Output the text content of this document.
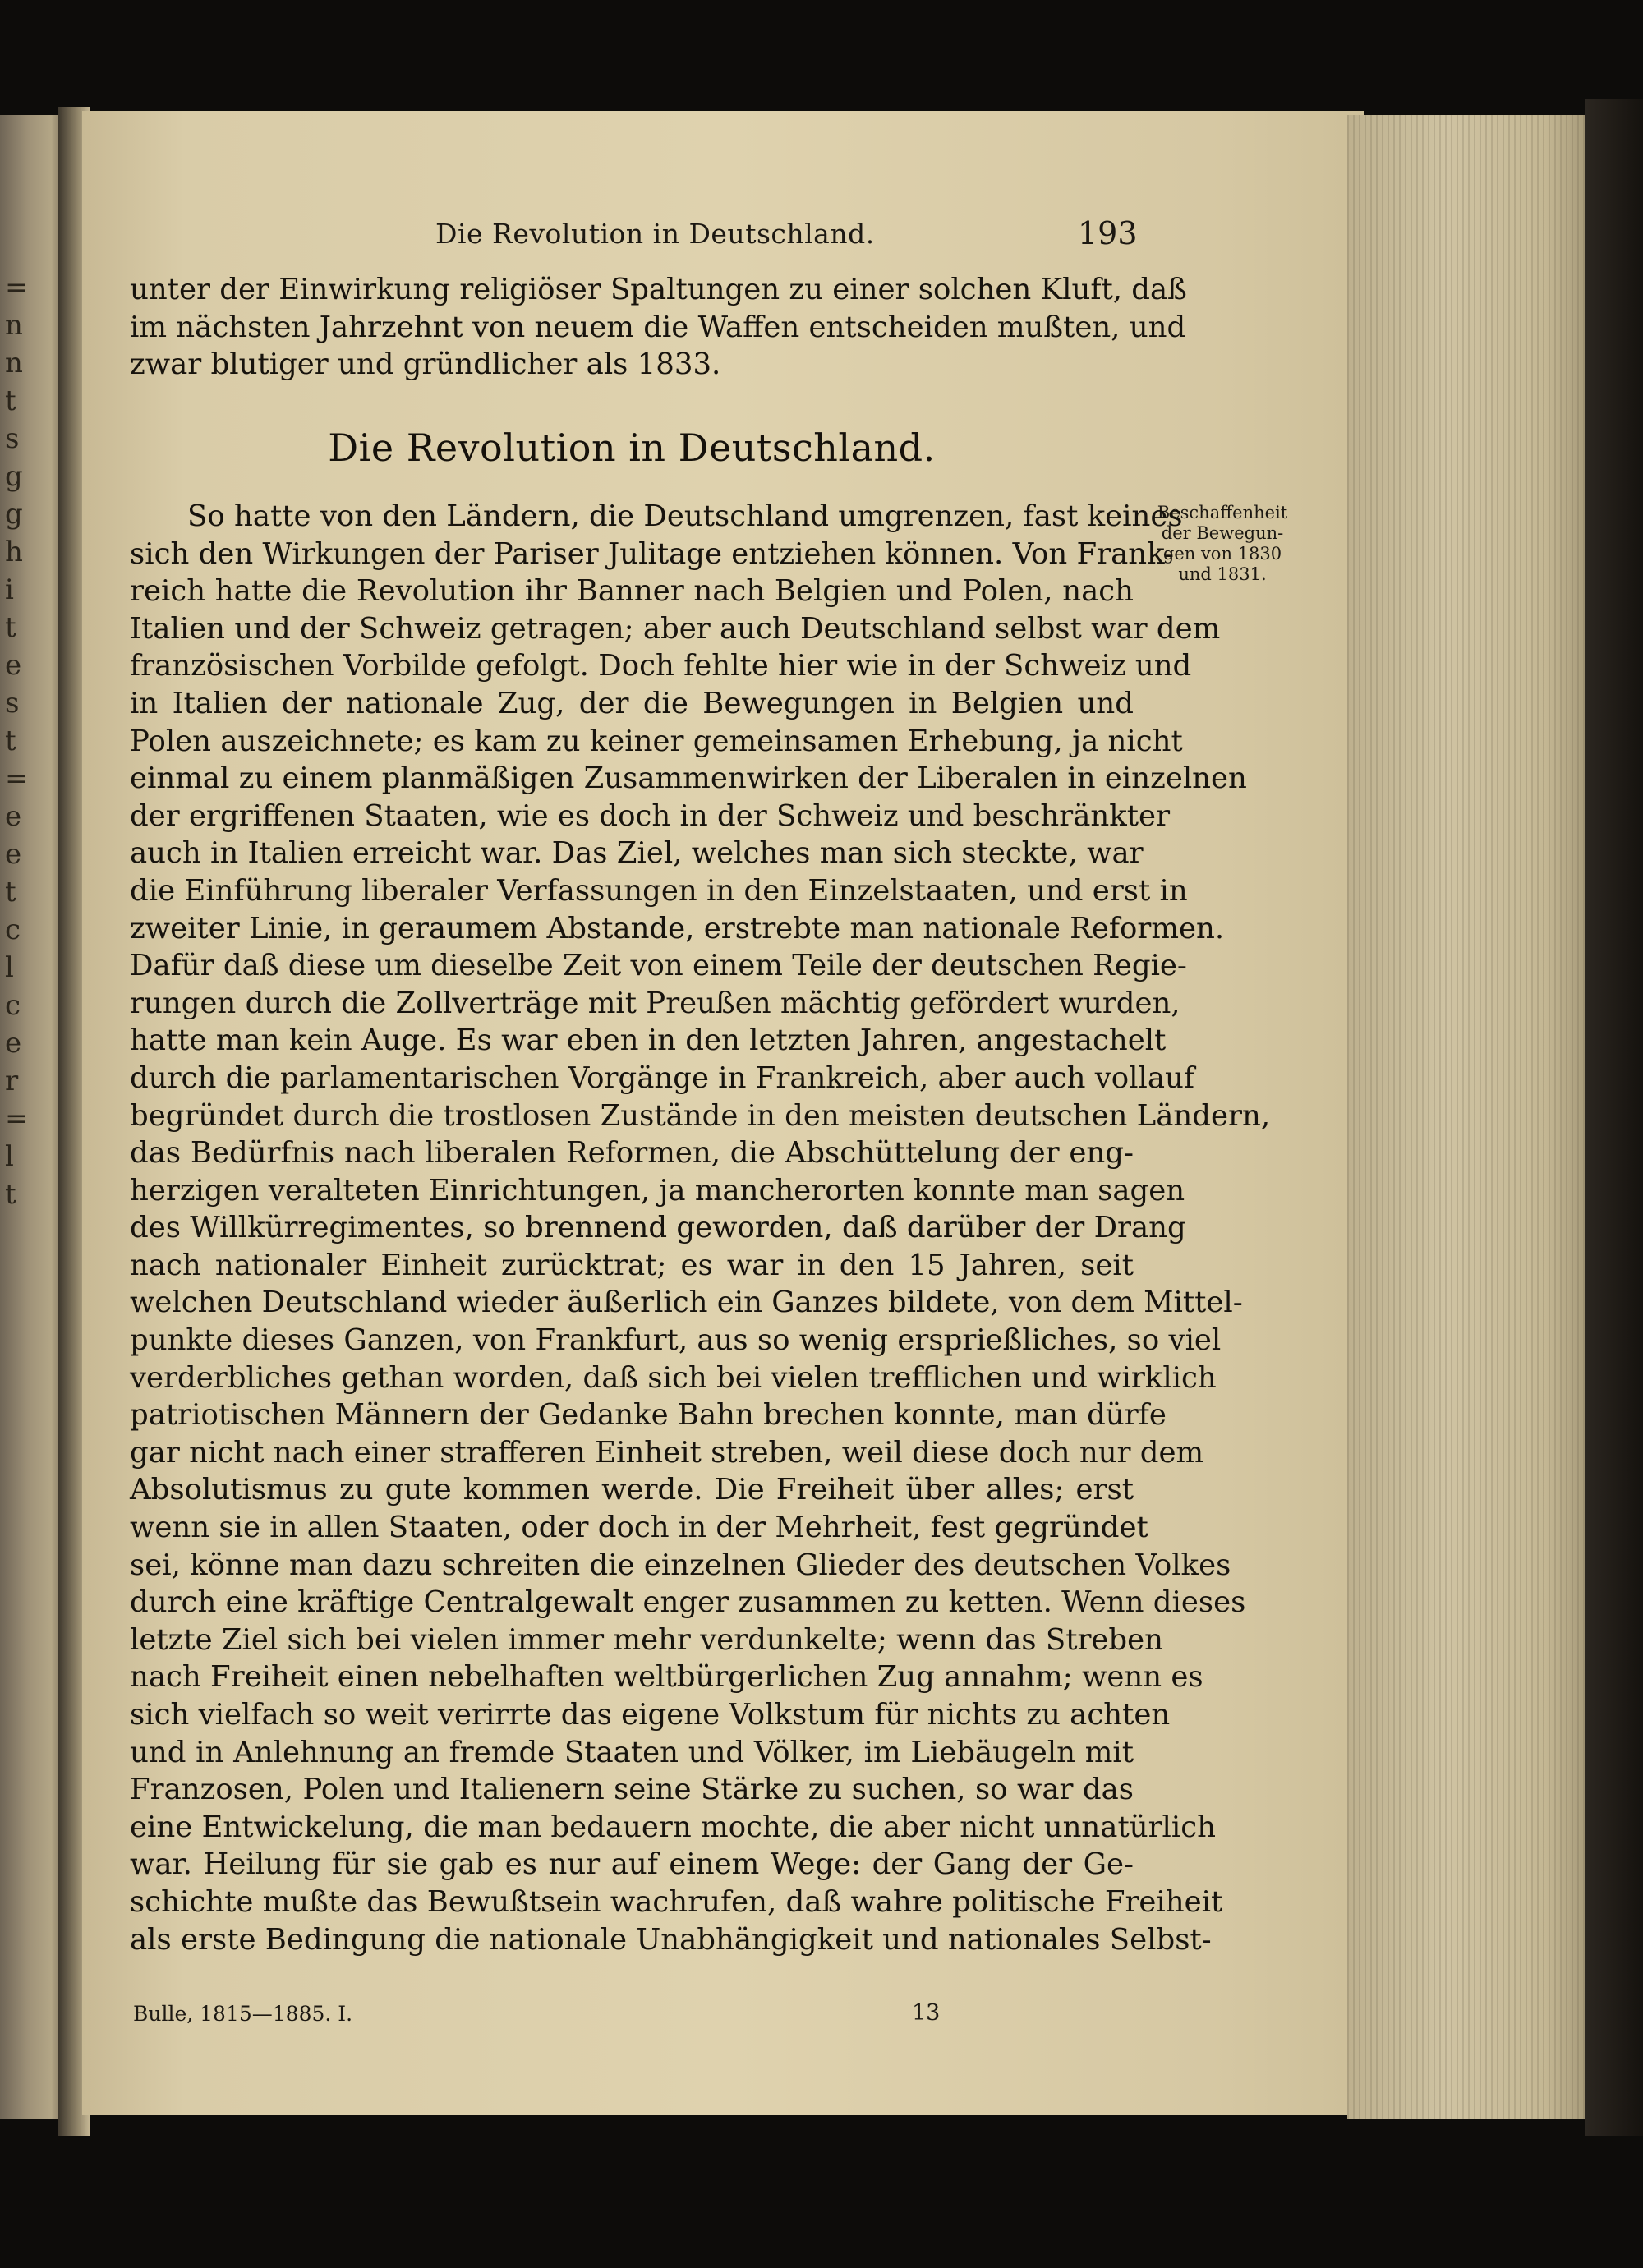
=
n
n
t
s
g
g
h
i
t
e
s
t
=
e
e
t
c
l
c
e
r
=
l
t
Die Revolution in Deutschland.	193
unter der Einwirkung religiöser Spaltungen zu einer solchen Kluft, daß
im nächsten Jahrzehnt von neuem die Waffen entscheiden mußten, und
zwar blutiger und gründlicher als 1833.
Die Revolution in Deutschland.
Beschaffenheit
der Bewegun-
gen von 1830
und 1831.
So hatte von den Ländern, die Deutschland umgrenzen, fast keines
sich den Wirkungen der Pariser Julitage entziehen können. Von Frank-
reich hatte die Revolution ihr Banner nach Belgien und Polen, nach
Italien und der Schweiz getragen; aber auch Deutschland selbst war dem
französischen Vorbilde gefolgt. Doch fehlte hier wie in der Schweiz und
in Italien der nationale Zug, der die Bewegungen in Belgien und
Polen auszeichnete; es kam zu keiner gemeinsamen Erhebung, ja nicht
einmal zu einem planmäßigen Zusammenwirken der Liberalen in einzelnen
der ergriffenen Staaten, wie es doch in der Schweiz und beschränkter
auch in Italien erreicht war. Das Ziel, welches man sich steckte, war
die Einführung liberaler Verfassungen in den Einzelstaaten, und erst in
zweiter Linie, in geraumem Abstande, erstrebte man nationale Reformen.
Dafür daß diese um dieselbe Zeit von einem Teile der deutschen Regie-
rungen durch die Zollverträge mit Preußen mächtig gefördert wurden,
hatte man kein Auge. Es war eben in den letzten Jahren, angestachelt
durch die parlamentarischen Vorgänge in Frankreich, aber auch vollauf
begründet durch die trostlosen Zustände in den meisten deutschen Ländern,
das Bedürfnis nach liberalen Reformen, die Abschüttelung der eng-
herzigen veralteten Einrichtungen, ja mancherorten konnte man sagen
des Willkürregimentes, so brennend geworden, daß darüber der Drang
nach nationaler Einheit zurücktrat; es war in den 15 Jahren, seit
welchen Deutschland wieder äußerlich ein Ganzes bildete, von dem Mittel-
punkte dieses Ganzen, von Frankfurt, aus so wenig ersprießliches, so viel
verderbliches gethan worden, daß sich bei vielen trefflichen und wirklich
patriotischen Männern der Gedanke Bahn brechen konnte, man dürfe
gar nicht nach einer strafferen Einheit streben, weil diese doch nur dem
Absolutismus zu gute kommen werde. Die Freiheit über alles; erst
wenn sie in allen Staaten, oder doch in der Mehrheit, fest gegründet
sei, könne man dazu schreiten die einzelnen Glieder des deutschen Volkes
durch eine kräftige Centralgewalt enger zusammen zu ketten. Wenn dieses
letzte Ziel sich bei vielen immer mehr verdunkelte; wenn das Streben
nach Freiheit einen nebelhaften weltbürgerlichen Zug annahm; wenn es
sich vielfach so weit verirrte das eigene Volkstum für nichts zu achten
und in Anlehnung an fremde Staaten und Völker, im Liebäugeln mit
Franzosen, Polen und Italienern seine Stärke zu suchen, so war das
eine Entwickelung, die man bedauern mochte, die aber nicht unnatürlich
war. Heilung für sie gab es nur auf einem Wege: der Gang der Ge-
schichte mußte das Bewußtsein wachrufen, daß wahre politische Freiheit
als erste Bedingung die nationale Unabhängigkeit und nationales Selbst-
Bulle, 1815—1885. I.	13
